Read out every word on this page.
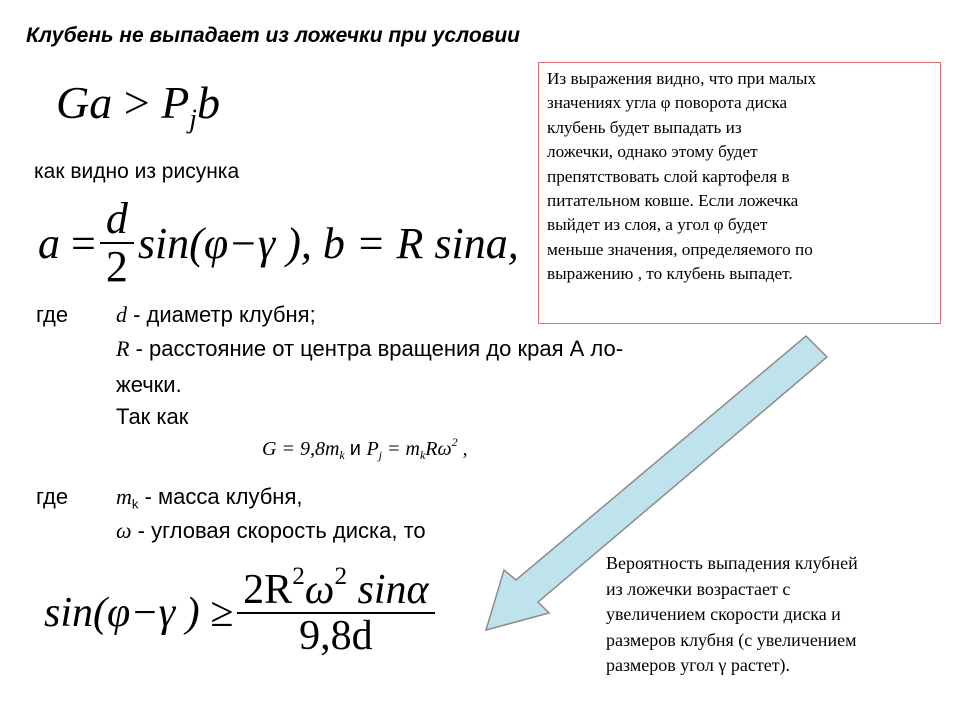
Клубень не выпадает из ложечки при условии
$Ga > P_jb$
как видно из рисунка
a
= $\frac{d}{2} \sin(\varphi-\gamma$ ), b = R sina,
где d - диаметр клубня;
R - расстояние от центра вращения до края А ло-
жечки.
Так как
$G = 9,8m_k$ и $P_j = m_kR\omega^2$ ,
где $m_k$ - масса клубня,
ω - угловая скорость диска, то
sin(φ−γ ) ≥ $\frac{2R^2\omega^2 \sin\alpha}{9,8d}$
Из выражения видно, что при малых
значениях угла φ поворота диска
клубень будет выпадать из
ложечки, однако этому будет
препятствовать слой картофеля в
питательном ковше. Если ложечка
выйдет из слоя, а угол φ будет
меньше значения, определяемого по
выражению , то клубень выпадет.
Вероятность выпадения клубней
из ложечки возрастает с
увеличением скорости диска и
размеров клубня (с увеличением
размеров угол γ растет).
